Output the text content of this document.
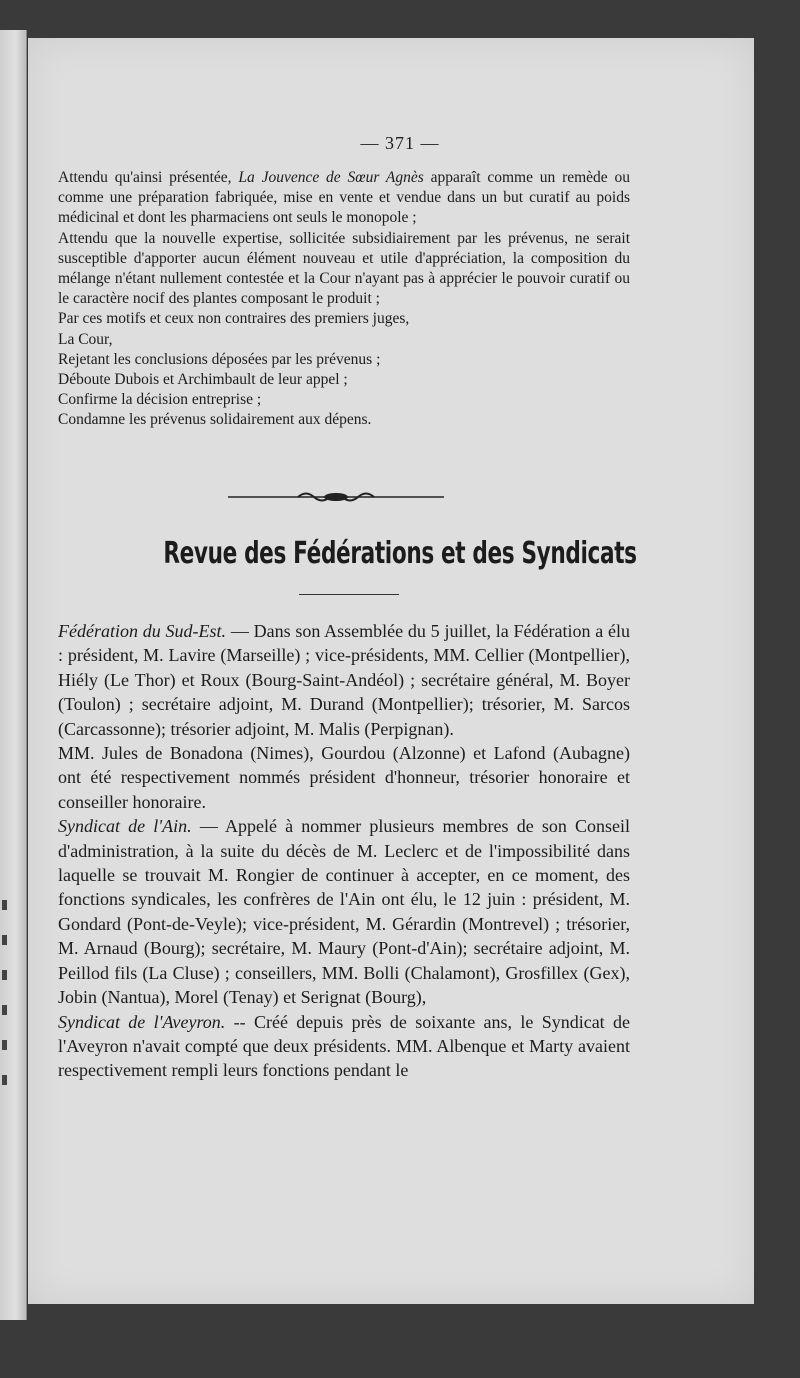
— 371 —

Attendu qu'ainsi présentée, La Jouvence de Sœur Agnès apparaît comme un remède ou comme une préparation fabriquée, mise en vente et vendue dans un but curatif au poids médicinal et dont les pharmaciens ont seuls le monopole ;

Attendu que la nouvelle expertise, sollicitée subsidiairement par les prévenus, ne serait susceptible d'apporter aucun élément nouveau et utile d'appréciation, la composition du mélange n'étant nullement contestée et la Cour n'ayant pas à apprécier le pouvoir curatif ou le caractère nocif des plantes composant le produit ;

Par ces motifs et ceux non contraires des premiers juges,

La Cour,

Rejetant les conclusions déposées par les prévenus ;

Déboute Dubois et Archimbault de leur appel ;

Confirme la décision entreprise ;

Condamne les prévenus solidairement aux dépens.

Revue des Fédérations et des Syndicats

Fédération du Sud-Est. — Dans son Assemblée du 5 juillet, la Fédération a élu : président, M. Lavire (Marseille) ; vice-présidents, MM. Cellier (Montpellier), Hiély (Le Thor) et Roux (Bourg-Saint-Andéol) ; secrétaire général, M. Boyer (Toulon) ; secrétaire adjoint, M. Durand (Montpellier); trésorier, M. Sarcos (Carcassonne); trésorier adjoint, M. Malis (Perpignan).

MM. Jules de Bonadona (Nimes), Gourdou (Alzonne) et Lafond (Aubagne) ont été respectivement nommés président d'honneur, trésorier honoraire et conseiller honoraire.

Syndicat de l'Ain. — Appelé à nommer plusieurs membres de son Conseil d'administration, à la suite du décès de M. Leclerc et de l'impossibilité dans laquelle se trouvait M. Rongier de continuer à accepter, en ce moment, des fonctions syndicales, les confrères de l'Ain ont élu, le 12 juin : président, M. Gondard (Pont-de-Veyle); vice-président, M. Gérardin (Montrevel) ; trésorier, M. Arnaud (Bourg); secrétaire, M. Maury (Pont-d'Ain); secrétaire adjoint, M. Peillod fils (La Cluse) ; conseillers, MM. Bolli (Chalamont), Grosfillex (Gex), Jobin (Nantua), Morel (Tenay) et Serignat (Bourg),

Syndicat de l'Aveyron. -- Créé depuis près de soixante ans, le Syndicat de l'Aveyron n'avait compté que deux présidents. MM. Albenque et Marty avaient respectivement rempli leurs fonctions pendant le
